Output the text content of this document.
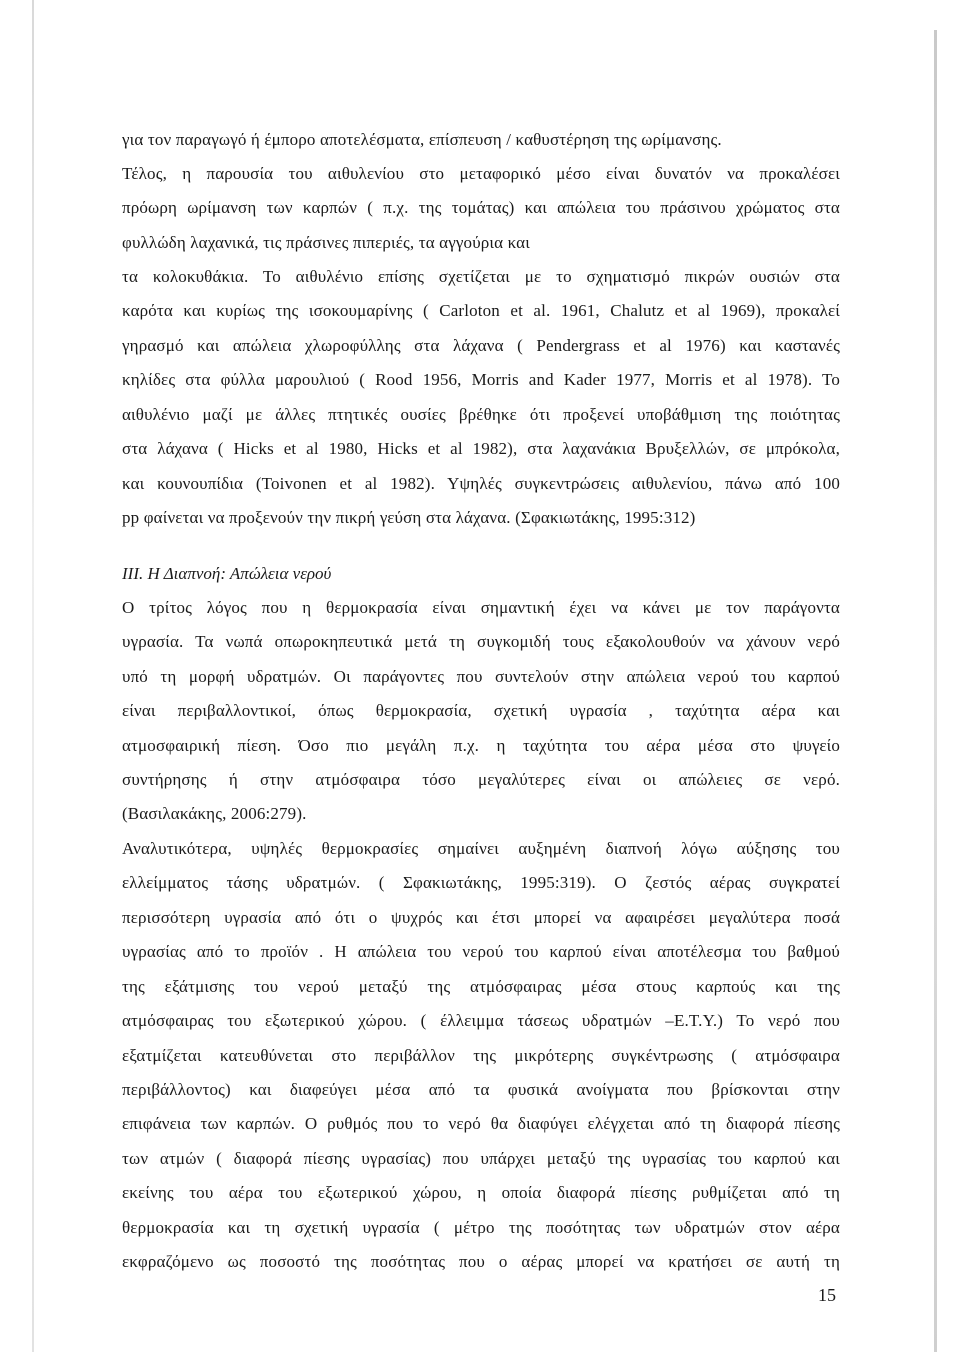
για τον παραγωγό ή έμπορο αποτελέσματα, επίσπευση / καθυστέρηση της ωρίμανσης.
Τέλος, η παρουσία του αιθυλενίου στο μεταφορικό μέσο είναι δυνατόν να προκαλέσει
πρόωρη ωρίμανση των καρπών ( π.χ. της τομάτας) και απώλεια του πράσινου χρώματος στα
φυλλώδη λαχανικά, τις πράσινες πιπεριές, τα αγγούρια και
τα κολοκυθάκια. Το αιθυλένιο επίσης σχετίζεται με το σχηματισμό πικρών ουσιών στα
καρότα και κυρίως της ισοκουμαρίνης ( Carloton et al. 1961, Chalutz et al 1969), προκαλεί
γηρασμό και απώλεια χλωροφύλλης στα λάχανα ( Pendergrass et al 1976) και καστανές
κηλίδες στα φύλλα μαρουλιού ( Rood 1956, Morris and Kader 1977, Morris et al 1978). Το
αιθυλένιο μαζί με άλλες πτητικές ουσίες βρέθηκε ότι προξενεί υποβάθμιση της ποιότητας
στα λάχανα ( Hicks et al 1980, Hicks et al 1982), στα λαχανάκια Βρυξελλών, σε μπρόκολα,
και κουνουπίδια (Toivonen et al 1982). Υψηλές συγκεντρώσεις αιθυλενίου, πάνω από 100
pp φαίνεται να προξενούν την πικρή γεύση στα λάχανα. (Σφακιωτάκης, 1995:312)
ΙΙΙ. Η Διαπνοή: Απώλεια νερού
Ο τρίτος λόγος που η θερμοκρασία είναι σημαντική έχει να κάνει με τον παράγοντα
υγρασία. Τα νωπά οπωροκηπευτικά μετά τη συγκομιδή τους εξακολουθούν να χάνουν νερό
υπό τη μορφή υδρατμών. Οι παράγοντες που συντελούν στην απώλεια νερού του καρπού
είναι περιβαλλοντικοί, όπως θερμοκρασία, σχετική υγρασία , ταχύτητα αέρα και
ατμοσφαιρική πίεση. Όσο πιο μεγάλη π.χ. η ταχύτητα του αέρα μέσα στο ψυγείο
συντήρησης ή στην ατμόσφαιρα τόσο μεγαλύτερες είναι οι απώλειες σε νερό.
(Βασιλακάκης, 2006:279).
Αναλυτικότερα, υψηλές θερμοκρασίες σημαίνει αυξημένη διαπνοή λόγω αύξησης του
ελλείμματος τάσης υδρατμών. ( Σφακιωτάκης, 1995:319). Ο ζεστός αέρας συγκρατεί
περισσότερη υγρασία από ότι ο ψυχρός και έτσι μπορεί να αφαιρέσει μεγαλύτερα ποσά
υγρασίας από το προϊόν . Η απώλεια του νερού του καρπού είναι αποτέλεσμα του βαθμού
της εξάτμισης του νερού μεταξύ της ατμόσφαιρας μέσα στους καρπούς και της
ατμόσφαιρας του εξωτερικού χώρου. ( έλλειμμα τάσεως υδρατμών –Ε.Τ.Υ.) Το νερό που
εξατμίζεται κατευθύνεται στο περιβάλλον της μικρότερης συγκέντρωσης ( ατμόσφαιρα
περιβάλλοντος) και διαφεύγει μέσα από τα φυσικά ανοίγματα που βρίσκονται στην
επιφάνεια των καρπών. Ο ρυθμός που το νερό θα διαφύγει ελέγχεται από τη διαφορά πίεσης
των ατμών ( διαφορά πίεσης υγρασίας) που υπάρχει μεταξύ της υγρασίας του καρπού και
εκείνης του αέρα του εξωτερικού χώρου, η οποία διαφορά πίεσης ρυθμίζεται από τη
θερμοκρασία και τη σχετική υγρασία ( μέτρο της ποσότητας των υδρατμών στον αέρα
εκφραζόμενο ως ποσοστό της ποσότητας που ο αέρας μπορεί να κρατήσει σε αυτή τη
15
